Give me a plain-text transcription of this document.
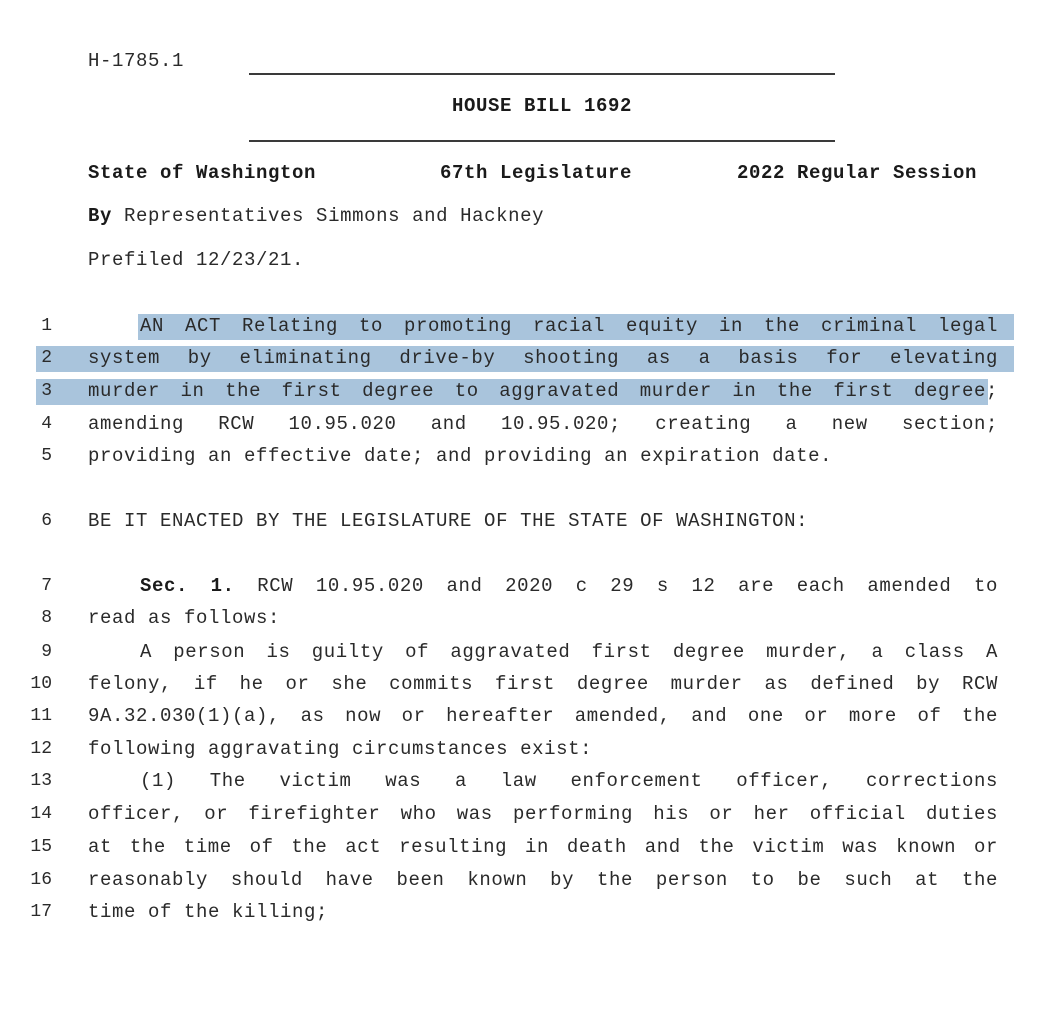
H-1785.1
HOUSE BILL 1692
State of Washington	67th Legislature	2022 Regular Session
By Representatives Simmons and Hackney
Prefiled 12/23/21.
1	AN ACT Relating to promoting racial equity in the criminal legal
2 system by eliminating drive-by shooting as a basis for elevating
3 murder in the first degree to aggravated murder in the first degree;
4 amending RCW 10.95.020 and 10.95.020; creating a new section;
5 providing an effective date; and providing an expiration date.
6 BE IT ENACTED BY THE LEGISLATURE OF THE STATE OF WASHINGTON:
7	Sec. 1. RCW 10.95.020 and 2020 c 29 s 12 are each amended to
8 read as follows:
9	A person is guilty of aggravated first degree murder, a class A
10 felony, if he or she commits first degree murder as defined by RCW
11 9A.32.030(1)(a), as now or hereafter amended, and one or more of the
12 following aggravating circumstances exist:
13	(1) The victim was a law enforcement officer, corrections
14 officer, or firefighter who was performing his or her official duties
15 at the time of the act resulting in death and the victim was known or
16 reasonably should have been known by the person to be such at the
17 time of the killing;
